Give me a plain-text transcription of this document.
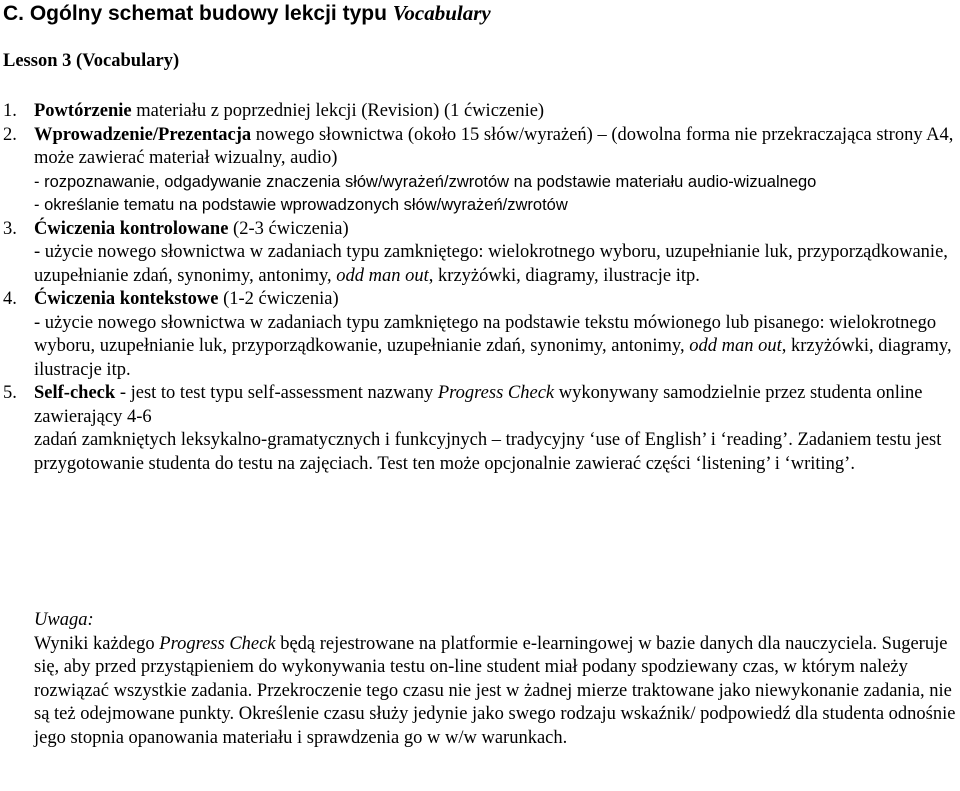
C. Ogólny schemat budowy lekcji typu Vocabulary
Lesson 3 (Vocabulary)
1. Powtórzenie materiału z poprzedniej lekcji (Revision) (1 ćwiczenie)
2. Wprowadzenie/Prezentacja nowego słownictwa (około 15 słów/wyrażeń) – (dowolna forma nie przekraczająca strony A4, może zawierać materiał wizualny, audio)
- rozpoznawanie, odgadywanie znaczenia słów/wyrażeń/zwrotów na podstawie materiału audio-wizualnego
- określanie tematu na podstawie wprowadzonych słów/wyrażeń/zwrotów
3. Ćwiczenia kontrolowane (2-3 ćwiczenia)
- użycie nowego słownictwa w zadaniach typu zamkniętego: wielokrotnego wyboru, uzupełnianie luk, przyporządkowanie, uzupełnianie zdań, synonimy, antonimy, odd man out, krzyżówki, diagramy, ilustracje itp.
4. Ćwiczenia kontekstowe (1-2 ćwiczenia)
- użycie nowego słownictwa w zadaniach typu zamkniętego na podstawie tekstu mówionego lub pisanego: wielokrotnego wyboru, uzupełnianie luk, przyporządkowanie, uzupełnianie zdań, synonimy, antonimy, odd man out, krzyżówki, diagramy, ilustracje itp.
5. Self-check - jest to test typu self-assessment nazwany Progress Check wykonywany samodzielnie przez studenta online zawierający 4-6
zadań zamkniętych leksykalno-gramatycznych i funkcyjnych – tradycyjny ‘use of English’ i ‘reading’. Zadaniem testu jest przygotowanie studenta do testu na zajęciach. Test ten może opcjonalnie zawierać części ‘listening’ i ‘writing’.
Uwaga:
Wyniki każdego Progress Check będą rejestrowane na platformie e-learningowej w bazie danych dla nauczyciela. Sugeruje się, aby przed przystąpieniem do wykonywania testu on-line student miał podany spodziewany czas, w którym należy rozwiązać wszystkie zadania. Przekroczenie tego czasu nie jest w żadnej mierze traktowane jako niewykonanie zadania, nie są też odejmowane punkty. Określenie czasu służy jedynie jako swego rodzaju wskaźnik/ podpowiedź dla studenta odnośnie jego stopnia opanowania materiału i sprawdzenia go w w/w warunkach.
